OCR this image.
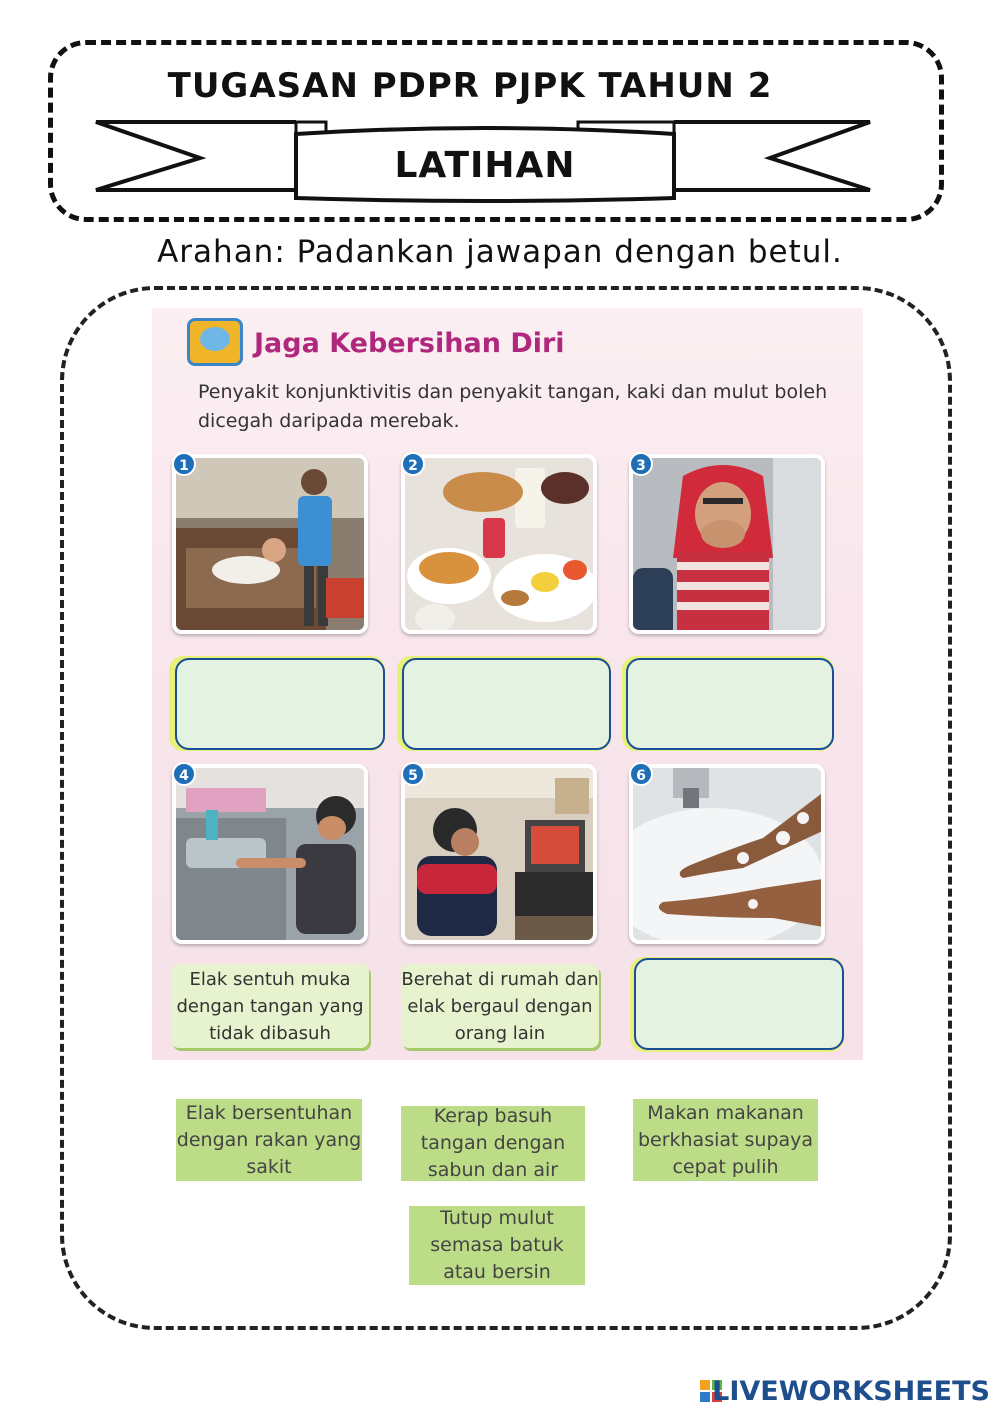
TUGASAN PDPR PJPK TAHUN 2
LATIHAN
Arahan: Padankan jawapan dengan betul.
Jaga Kebersihan Diri
Penyakit konjunktivitis dan penyakit tangan, kaki dan mulut boleh dicegah daripada merebak.
1	2	3
4	5	6
Elak sentuh muka dengan tangan yang tidak dibasuh
Berehat di rumah dan elak bergaul dengan orang lain
Elak bersentuhan dengan rakan yang sakit
Kerap basuh tangan dengan sabun dan air
Makan makanan berkhasiat supaya cepat pulih
Tutup mulut semasa batuk atau bersin
LIVEWORKSHEETS
